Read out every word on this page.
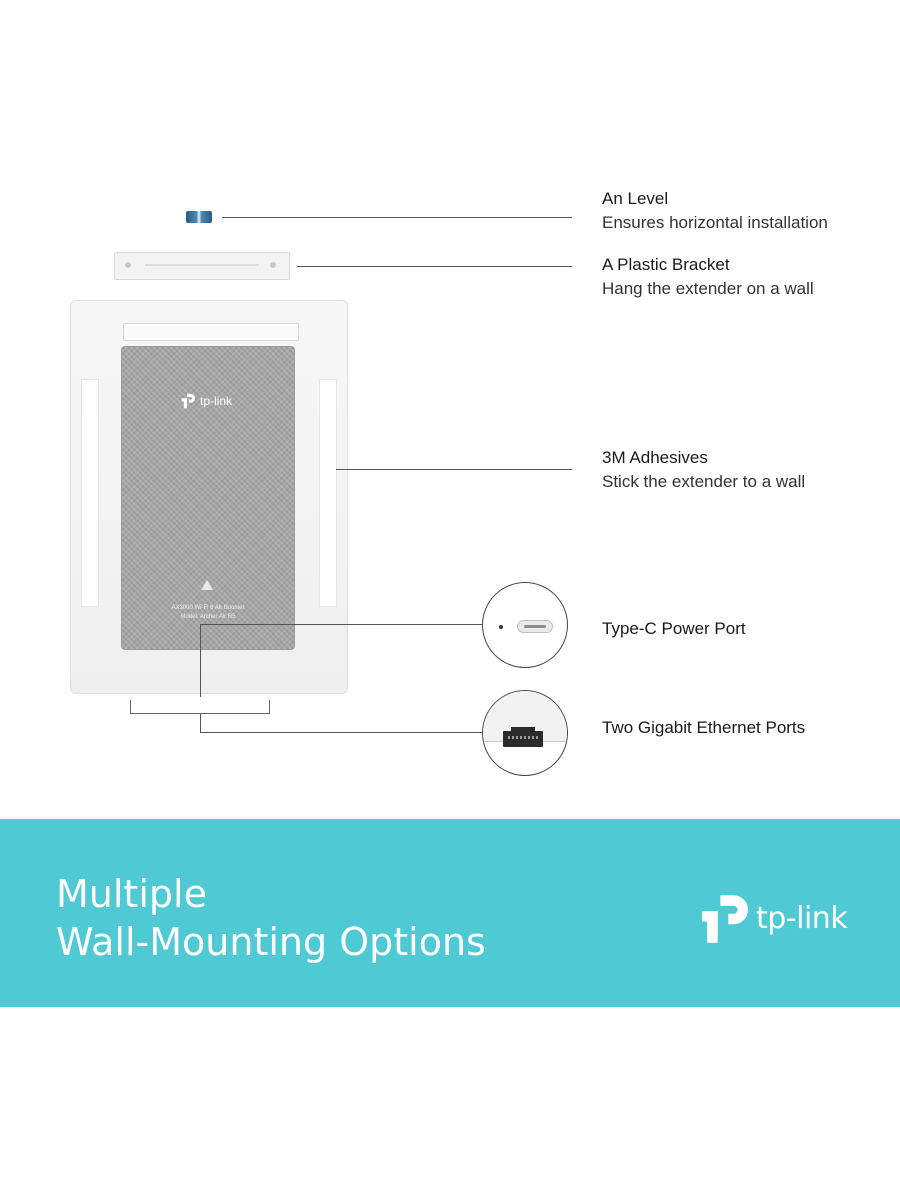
An Level
Ensures horizontal installation
A Plastic Bracket
Hang the extender on a wall
tp-link
AX3000 Wi-Fi 6 Air Booster
Model: Archer Air R5
3M Adhesives
Stick the extender to a wall
Type-C Power Port
Two Gigabit Ethernet Ports
Multiple
Wall-Mounting Options
tp-link
